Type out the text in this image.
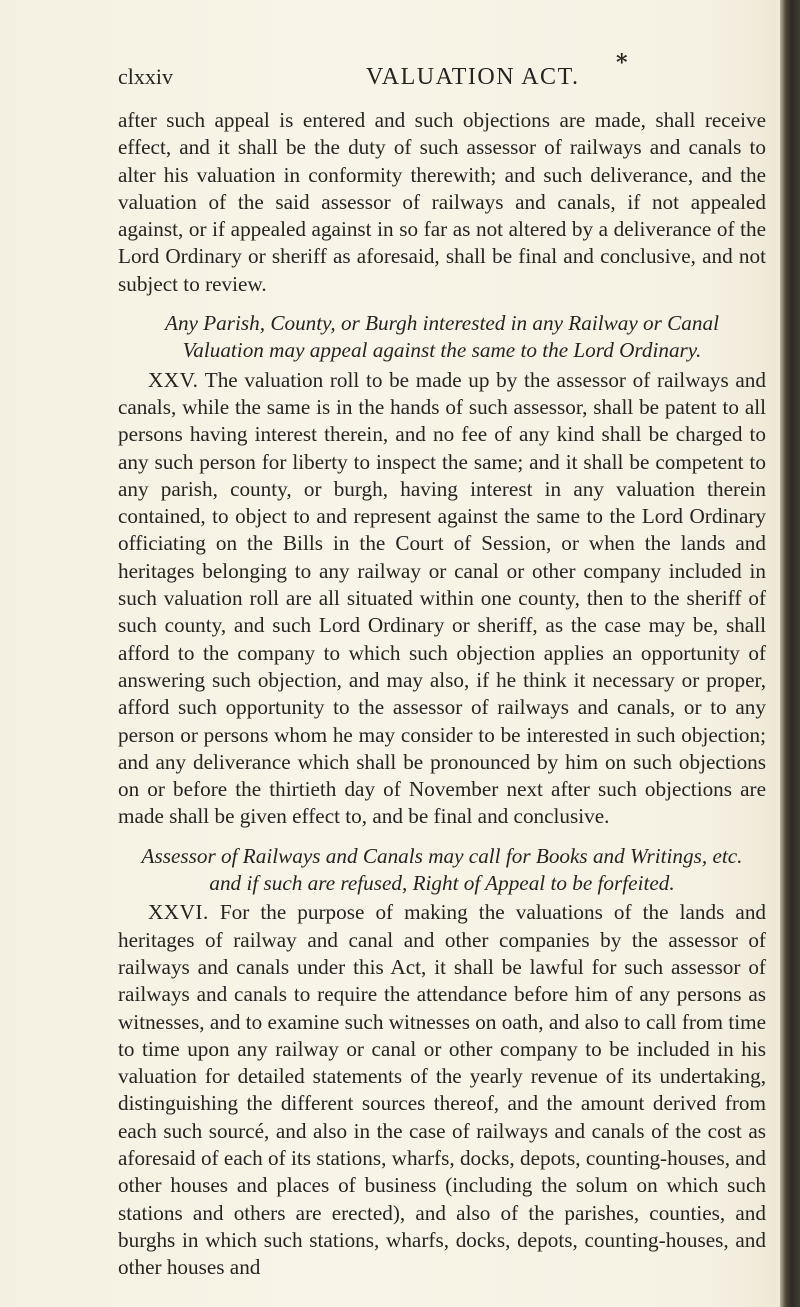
clxxiv	VALUATION ACT.
*

after such appeal is entered and such objections are made, shall receive effect, and it shall be the duty of such assessor of railways and canals to alter his valuation in conformity therewith; and such deliverance, and the valuation of the said assessor of railways and canals, if not appealed against, or if appealed against in so far as not altered by a deliverance of the Lord Ordinary or sheriff as aforesaid, shall be final and conclusive, and not subject to review.

Any Parish, County, or Burgh interested in any Railway or Canal Valuation may appeal against the same to the Lord Ordinary.

XXV. The valuation roll to be made up by the assessor of railways and canals, while the same is in the hands of such assessor, shall be patent to all persons having interest therein, and no fee of any kind shall be charged to any such person for liberty to inspect the same; and it shall be competent to any parish, county, or burgh, having interest in any valuation therein contained, to object to and represent against the same to the Lord Ordinary officiating on the Bills in the Court of Session, or when the lands and heritages belonging to any railway or canal or other company included in such valuation roll are all situated within one county, then to the sheriff of such county, and such Lord Ordinary or sheriff, as the case may be, shall afford to the company to which such objection applies an opportunity of answering such objection, and may also, if he think it necessary or proper, afford such opportunity to the assessor of railways and canals, or to any person or persons whom he may consider to be interested in such objection; and any deliverance which shall be pronounced by him on such objections on or before the thirtieth day of November next after such objections are made shall be given effect to, and be final and conclusive.

Assessor of Railways and Canals may call for Books and Writings, etc. and if such are refused, Right of Appeal to be forfeited.

XXVI. For the purpose of making the valuations of the lands and heritages of railway and canal and other companies by the assessor of railways and canals under this Act, it shall be lawful for such assessor of railways and canals to require the attendance before him of any persons as witnesses, and to examine such witnesses on oath, and also to call from time to time upon any railway or canal or other company to be included in his valuation for detailed statements of the yearly revenue of its undertaking, distinguishing the different sources thereof, and the amount derived from each such sourcé, and also in the case of railways and canals of the cost as aforesaid of each of its stations, wharfs, docks, depots, counting-houses, and other houses and places of business (including the solum on which such stations and others are erected), and also of the parishes, counties, and burghs in which such stations, wharfs, docks, depots, counting-houses, and other houses and
